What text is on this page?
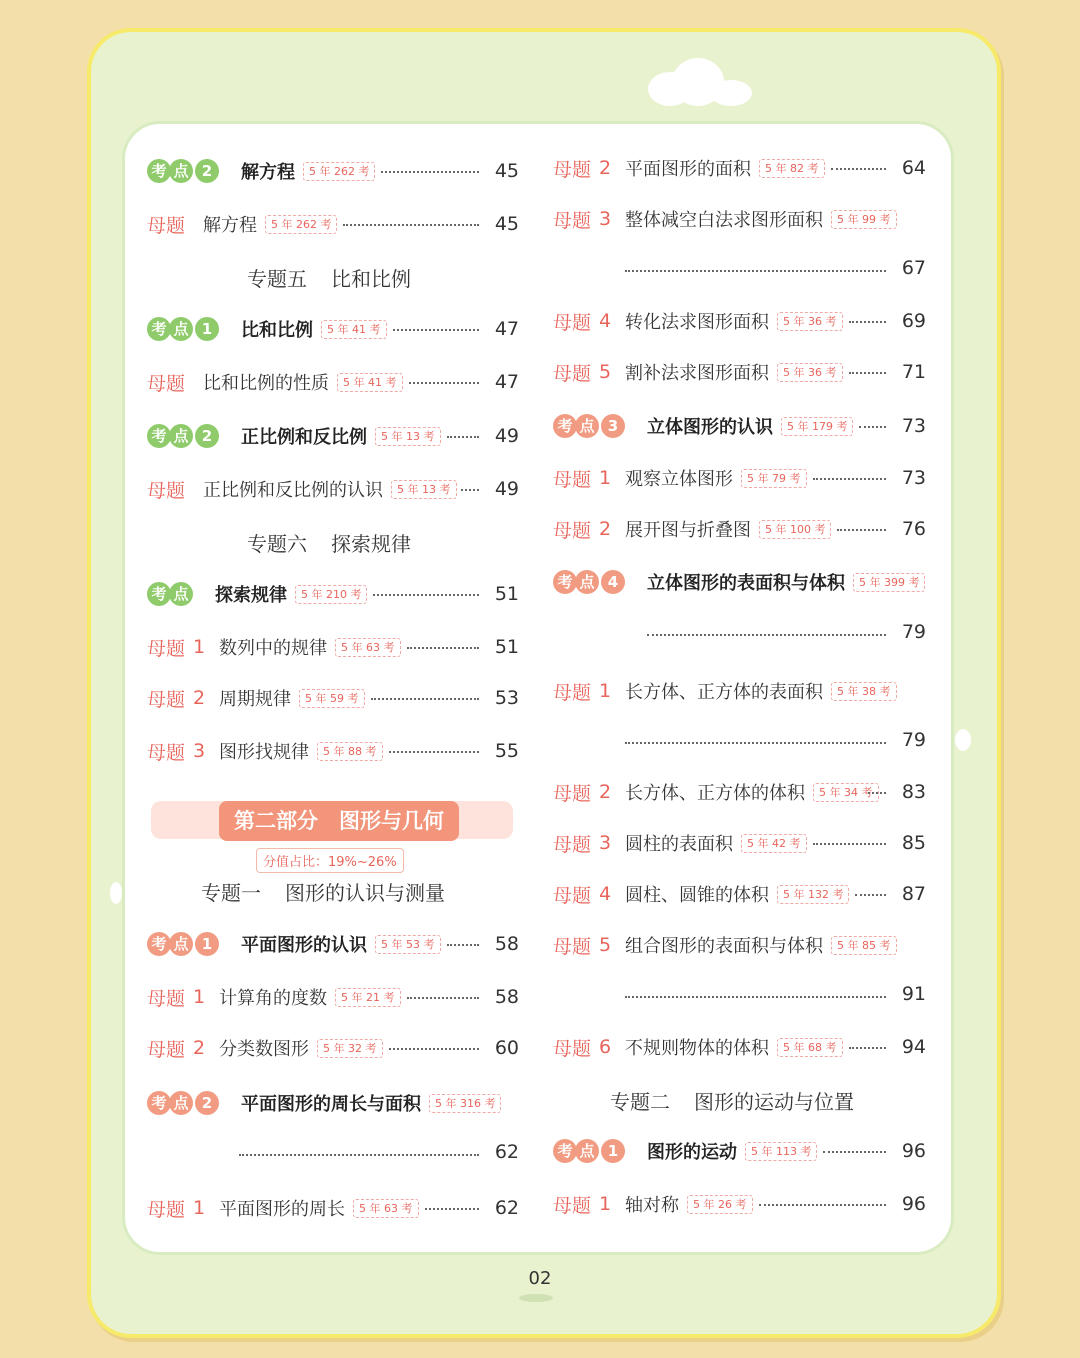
专题五 比和比例
专题六 探索规律
专题一 图形的认识与测量
专题二 图形的运动与位置
第二部分　图形与几何
分值占比：19%~26%
考 点 2	解方程	5 年 262 考	45
母题 解方程	5 年 262 考	45
考 点 1	比和比例	5 年 41 考	47
母题 比和比例的性质	5 年 41 考	47
考 点 2	正比例和反比例	5 年 13 考	49
母题 正比例和反比例的认识	5 年 13 考	49
考 点 探索规律	5 年 210 考	51
母题 1 数列中的规律	5 年 63 考	51
母题 2 周期规律	5 年 59 考	53
母题 3 图形找规律	5 年 88 考	55
考 点 1	平面图形的认识	5 年 53 考	58
母题 1 计算角的度数	5 年 21 考	58
母题 2 分类数图形	5 年 32 考	60
考 点 2	平面图形的周长与面积	5 年 316 考
62
母题 1 平面图形的周长	5 年 63 考	62
母题 2 平面图形的面积	5 年 82 考	64
母题 3 整体减空白法求图形面积	5 年 99 考
67
母题 4 转化法求图形面积	5 年 36 考	69
母题 5 割补法求图形面积	5 年 36 考	71
考 点 3	立体图形的认识	5 年 179 考	73
母题 1 观察立体图形	5 年 79 考	73
母题 2 展开图与折叠图	5 年 100 考	76
考 点 4	立体图形的表面积与体积	5 年 399 考
79
母题 1 长方体、正方体的表面积	5 年 38 考
79
母题 2 长方体、正方体的体积	5 年 34 考	83
母题 3 圆柱的表面积	5 年 42 考	85
母题 4 圆柱、圆锥的体积	5 年 132 考	87
母题 5 组合图形的表面积与体积	5 年 85 考
91
母题 6 不规则物体的体积	5 年 68 考	94
考 点 1	图形的运动	5 年 113 考	96
母题 1 轴对称	5 年 26 考	96
02
